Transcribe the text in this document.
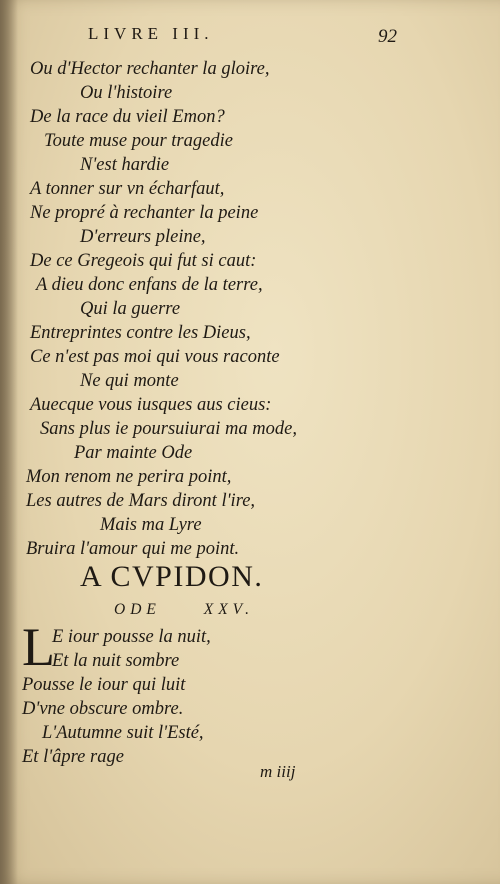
LIVRE III.	92
Ou d'Hector rechanter la gloire,
Ou l'histoire
De la race du vieil Emon?
Toute muse pour tragedie
N'est hardie
A tonner sur vn écharfaut,
Ne propré à rechanter la peine
D'erreurs pleine,
De ce Gregeois qui fut si caut:
A dieu donc enfans de la terre,
Qui la guerre
Entreprintes contre les Dieus,
Ce n'est pas moi qui vous raconte
Ne qui monte
Auecque vous iusques aus cieus:
Sans plus ie poursuiurai ma mode,
Par mainte Ode
Mon renom ne perira point,
Les autres de Mars diront l'ire,
Mais ma Lyre
Bruira l'amour qui me point.
A CVPIDON.
ODE	XXV.
L
E iour pousse la nuit,
Et la nuit sombre
Pousse le iour qui luit
D'vne obscure ombre.
L'Autumne suit l'Esté,
Et l'âpre rage
m iiij
